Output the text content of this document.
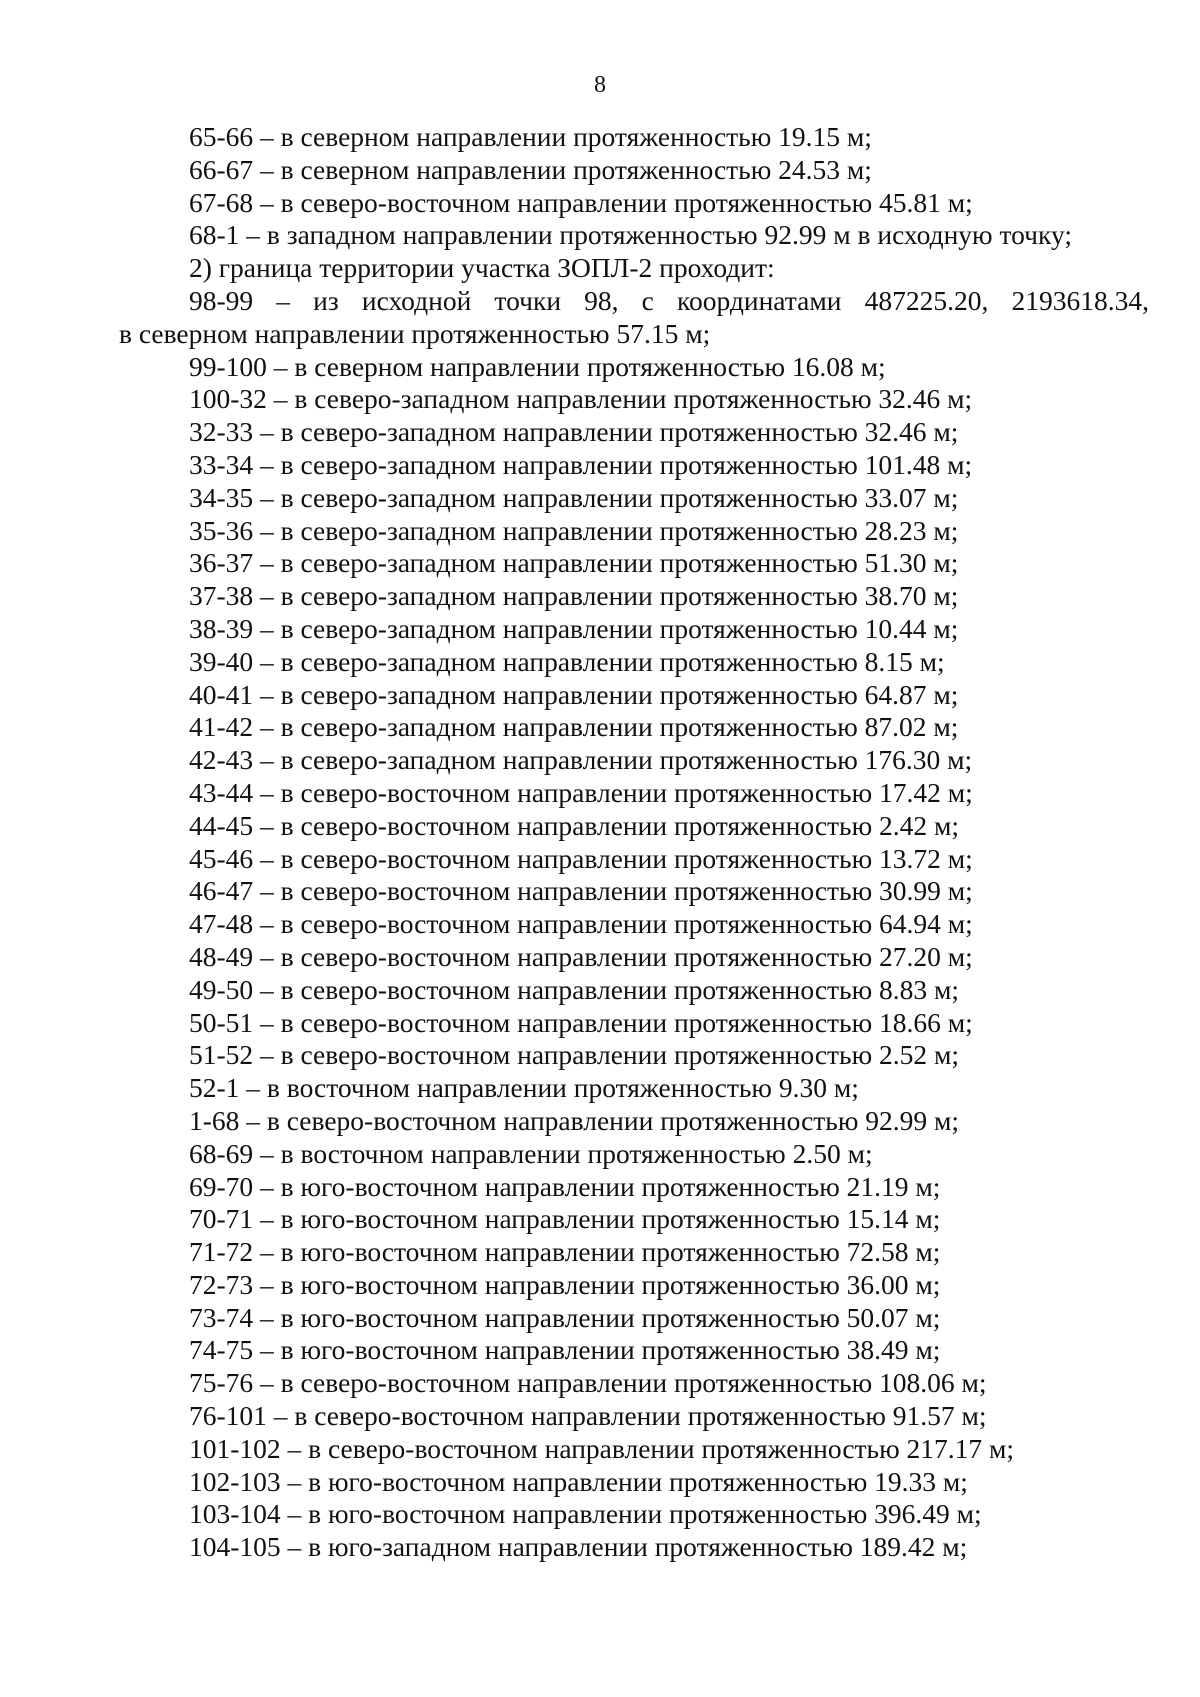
8
65-66 – в северном направлении протяженностью 19.15 м;
66-67 – в северном направлении протяженностью 24.53 м;
67-68 – в северо-восточном направлении протяженностью 45.81 м;
68-1 – в западном направлении протяженностью 92.99 м в исходную точку;
2) граница территории участка ЗОПЛ-2 проходит:
98-99 – из исходной точки 98, с координатами 487225.20, 2193618.34,
в северном направлении протяженностью 57.15 м;
99-100 – в северном направлении протяженностью 16.08 м;
100-32 – в северо-западном направлении протяженностью 32.46 м;
32-33 – в северо-западном направлении протяженностью 32.46 м;
33-34 – в северо-западном направлении протяженностью 101.48 м;
34-35 – в северо-западном направлении протяженностью 33.07 м;
35-36 – в северо-западном направлении протяженностью 28.23 м;
36-37 – в северо-западном направлении протяженностью 51.30 м;
37-38 – в северо-западном направлении протяженностью 38.70 м;
38-39 – в северо-западном направлении протяженностью 10.44 м;
39-40 – в северо-западном направлении протяженностью 8.15 м;
40-41 – в северо-западном направлении протяженностью 64.87 м;
41-42 – в северо-западном направлении протяженностью 87.02 м;
42-43 – в северо-западном направлении протяженностью 176.30 м;
43-44 – в северо-восточном направлении протяженностью 17.42 м;
44-45 – в северо-восточном направлении протяженностью 2.42 м;
45-46 – в северо-восточном направлении протяженностью 13.72 м;
46-47 – в северо-восточном направлении протяженностью 30.99 м;
47-48 – в северо-восточном направлении протяженностью 64.94 м;
48-49 – в северо-восточном направлении протяженностью 27.20 м;
49-50 – в северо-восточном направлении протяженностью 8.83 м;
50-51 – в северо-восточном направлении протяженностью 18.66 м;
51-52 – в северо-восточном направлении протяженностью 2.52 м;
52-1 – в восточном направлении протяженностью 9.30 м;
1-68 – в северо-восточном направлении протяженностью 92.99 м;
68-69 – в восточном направлении протяженностью 2.50 м;
69-70 – в юго-восточном направлении протяженностью 21.19 м;
70-71 – в юго-восточном направлении протяженностью 15.14 м;
71-72 – в юго-восточном направлении протяженностью 72.58 м;
72-73 – в юго-восточном направлении протяженностью 36.00 м;
73-74 – в юго-восточном направлении протяженностью 50.07 м;
74-75 – в юго-восточном направлении протяженностью 38.49 м;
75-76 – в северо-восточном направлении протяженностью 108.06 м;
76-101 – в северо-восточном направлении протяженностью 91.57 м;
101-102 – в северо-восточном направлении протяженностью 217.17 м;
102-103 – в юго-восточном направлении протяженностью 19.33 м;
103-104 – в юго-восточном направлении протяженностью 396.49 м;
104-105 – в юго-западном направлении протяженностью 189.42 м;
